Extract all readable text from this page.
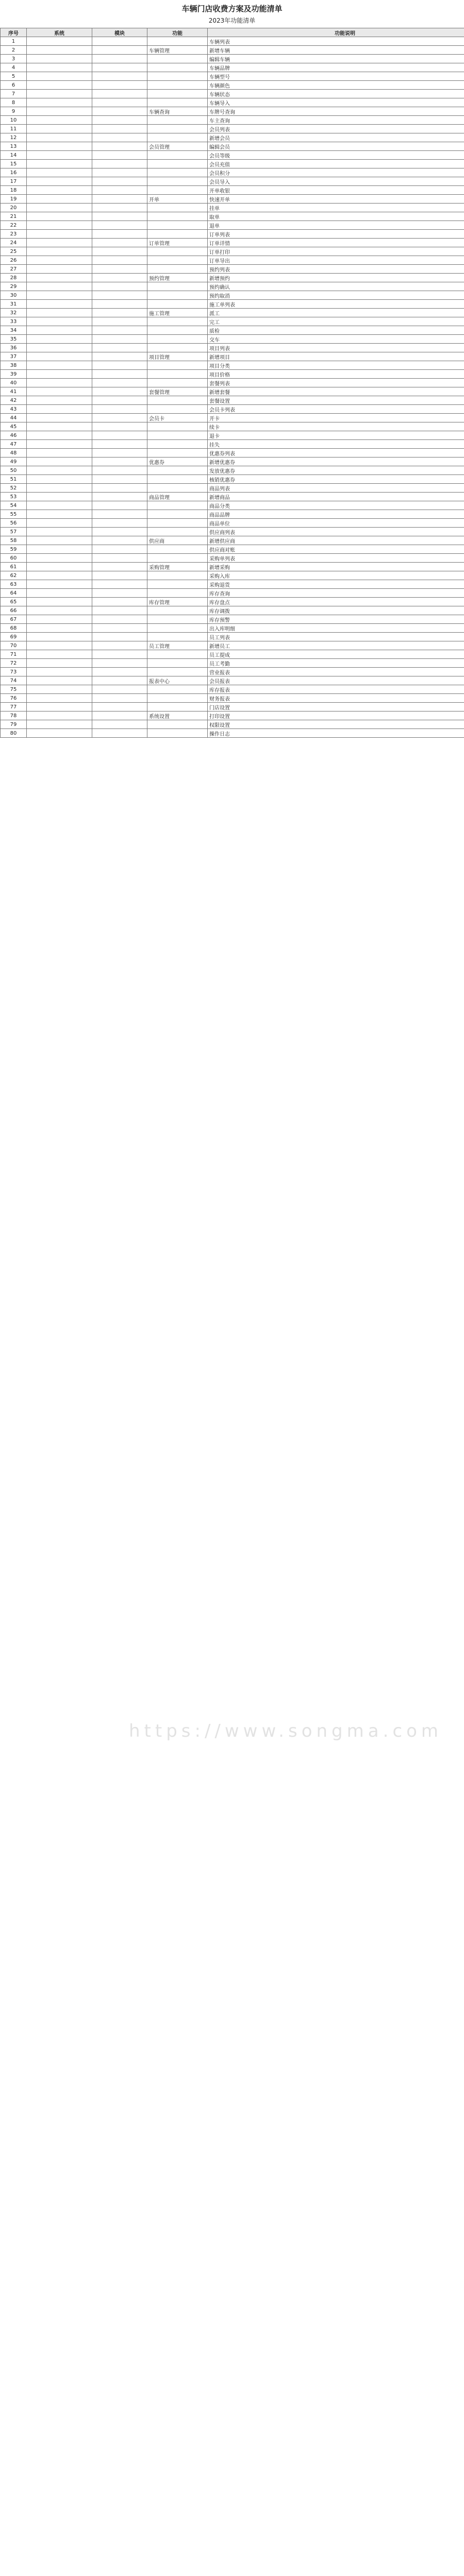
车辆门店收费方案及功能清单
2023年功能清单
序号	系统	模块	功能	功能说明
1				车辆列表
2			车辆管理	新增车辆
3				编辑车辆
4				车辆品牌
5				车辆型号
6				车辆颜色
7				车辆状态
8				车辆导入
9			车辆查询	车牌号查询
10				车主查询
11				会员列表
12				新增会员
13			会员管理	编辑会员
14				会员等级
15				会员充值
16				会员积分
17				会员导入
18				开单收银
19			开单	快速开单
20				挂单
21				取单
22				退单
23				订单列表
24			订单管理	订单详情
25				订单打印
26				订单导出
27				预约列表
28			预约管理	新增预约
29				预约确认
30				预约取消
31				施工单列表
32			施工管理	派工
33				完工
34				质检
35				交车
36				项目列表
37			项目管理	新增项目
38				项目分类
39				项目价格
40				套餐列表
41			套餐管理	新增套餐
42				套餐设置
43				会员卡列表
44			会员卡	开卡
45				续卡
46				退卡
47				挂失
48				优惠券列表
49			优惠券	新增优惠券
50				发放优惠券
51				核销优惠券
52				商品列表
53			商品管理	新增商品
54				商品分类
55				商品品牌
56				商品单位
57				供应商列表
58			供应商	新增供应商
59				供应商对账
60				采购单列表
61			采购管理	新增采购
62				采购入库
63				采购退货
64				库存查询
65			库存管理	库存盘点
66				库存调拨
67				库存预警
68				出入库明细
69				员工列表
70			员工管理	新增员工
71				员工提成
72				员工考勤
73				营业报表
74			报表中心	会员报表
75				库存报表
76				财务报表
77				门店设置
78			系统设置	打印设置
79				权限设置
80				操作日志
https://www.songma.com
